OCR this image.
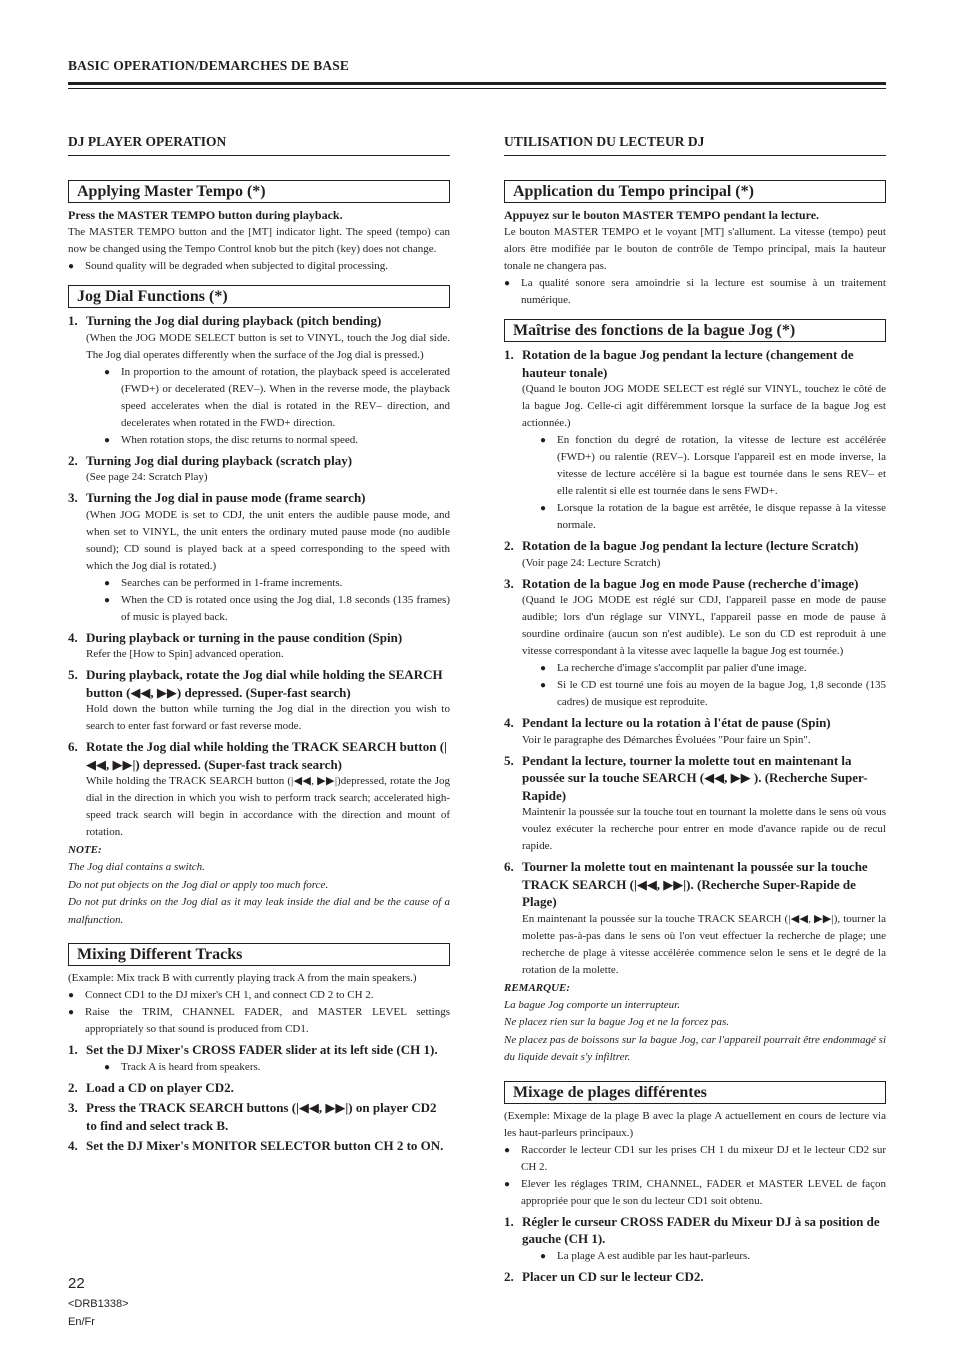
BASIC OPERATION/DEMARCHES DE BASE
DJ PLAYER OPERATION
Applying Master Tempo (*)

Press the MASTER TEMPO button during playback.

The MASTER TEMPO button and the [MT] indicator light. The speed (tempo) can now be changed using the Tempo Control knob but the pitch (key) does not change.

● Sound quality will be degraded when subjected to digital processing.
Jog Dial Functions (*)
1. Turning the Jog dial during playback (pitch bending)
(When the JOG MODE SELECT button is set to VINYL, touch the Jog dial side. The Jog dial operates differently when the surface of the Jog dial is pressed.)
● In proportion to the amount of rotation, the playback speed is accelerated (FWD+) or decelerated (REV–). When in the reverse mode, the playback speed accelerates when the dial is rotated in the REV– direction, and decelerates when rotated in the FWD+ direction.
● When rotation stops, the disc returns to normal speed.
2. Turning Jog dial during playback (scratch play)
(See page 24: Scratch Play)
3. Turning the Jog dial in pause mode (frame search)
(When JOG MODE is set to CDJ, the unit enters the audible pause mode, and when set to VINYL, the unit enters the ordinary muted pause mode (no audible sound); CD sound is played back at a speed corresponding to the speed with which the Jog dial is rotated.)
● Searches can be performed in 1-frame increments.
● When the CD is rotated once using the Jog dial, 1.8 seconds (135 frames) of music is played back.
4. During playback or turning in the pause condition (Spin)
Refer the [How to Spin] advanced operation.
5. During playback, rotate the Jog dial while holding the SEARCH button (◀◀, ▶▶) depressed. (Super-fast search)
Hold down the button while turning the Jog dial in the direction you wish to search to enter fast forward or fast reverse mode.
6. Rotate the Jog dial while holding the TRACK SEARCH button (|◀◀, ▶▶|) depressed. (Super-fast track search)
While holding the TRACK SEARCH button (|◀◀, ▶▶|)depressed, rotate the Jog dial in the direction in which you wish to perform track search; accelerated high-speed track search will begin in accordance with the direction and mount of rotation.
NOTE:
The Jog dial contains a switch.
Do not put objects on the Jog dial or apply too much force.
Do not put drinks on the Jog dial as it may leak inside the dial and be the cause of a malfunction.
Mixing Different Tracks

(Example: Mix track B with currently playing track A from the main speakers.)

● Connect CD1 to the DJ mixer's CH 1, and connect CD 2 to CH 2.
● Raise the TRIM, CHANNEL FADER, and MASTER LEVEL settings appropriately so that sound is produced from CD1.
1. Set the DJ Mixer's CROSS FADER slider at its left side (CH 1).
● Track A is heard from speakers.
2. Load a CD on player CD2.
3. Press the TRACK SEARCH buttons (|◀◀, ▶▶|) on player CD2 to find and select track B.
4. Set the DJ Mixer's MONITOR SELECTOR button CH 2 to ON.
UTILISATION DU LECTEUR DJ
Application du Tempo principal (*)

Appuyez sur le bouton MASTER TEMPO pendant la lecture.

Le bouton MASTER TEMPO et le voyant [MT] s'allument. La vitesse (tempo) peut alors être modifiée par le bouton de contrôle de Tempo principal, mais la hauteur tonale ne changera pas.

● La qualité sonore sera amoindrie si la lecture est soumise à un traitement numérique.
Maîtrise des fonctions de la bague Jog (*)
1. Rotation de la bague Jog pendant la lecture (changement de hauteur tonale)
(Quand le bouton JOG MODE SELECT est réglé sur VINYL, touchez le côté de la bague Jog. Celle-ci agit différemment lorsque la surface de la bague Jog est actionnée.)
● En fonction du degré de rotation, la vitesse de lecture est accélérée (FWD+) ou ralentie (REV–). Lorsque l'appareil est en mode inverse, la vitesse de lecture accélère si la bague est tournée dans le sens REV– et elle ralentit si elle est tournée dans le sens FWD+.
● Lorsque la rotation de la bague est arrêtée, le disque repasse à la vitesse normale.
2. Rotation de la bague Jog pendant la lecture (lecture Scratch)
(Voir page 24: Lecture Scratch)
3. Rotation de la bague Jog en mode Pause (recherche d'image)
(Quand le JOG MODE est réglé sur CDJ, l'appareil passe en mode de pause audible; lors d'un réglage sur VINYL, l'appareil passe en mode de pause à sourdine ordinaire (aucun son n'est audible). Le son du CD est reproduit à une vitesse correspondant à la vitesse avec laquelle la bague Jog est tournée.)
● La recherche d'image s'accomplit par palier d'une image.
● Si le CD est tourné une fois au moyen de la bague Jog, 1,8 seconde (135 cadres) de musique est reproduite.
4. Pendant la lecture ou la rotation à l'état de pause (Spin)
Voir le paragraphe des Démarches Évoluées "Pour faire un Spin".
5. Pendant la lecture, tourner la molette tout en maintenant la poussée sur la touche SEARCH (◀◀, ▶▶ ). (Recherche Super-Rapide)
Maintenir la poussée sur la touche tout en tournant la molette dans le sens où vous voulez exécuter la recherche pour entrer en mode d'avance rapide ou de recul rapide.
6. Tourner la molette tout en maintenant la poussée sur la touche TRACK SEARCH (|◀◀, ▶▶|). (Recherche Super-Rapide de Plage)
En maintenant la poussée sur la touche TRACK SEARCH (|◀◀, ▶▶|), tourner la molette pas-à-pas dans le sens où l'on veut effectuer la recherche de plage; une recherche de plage à vitesse accélérée commence selon le sens et le degré de la rotation de la molette.
REMARQUE:
La bague Jog comporte un interrupteur.
Ne placez rien sur la bague Jog et ne la forcez pas.
Ne placez pas de boissons sur la bague Jog, car l'appareil pourrait être endommagé si du liquide devait s'y infiltrer.
Mixage de plages différentes

(Exemple: Mixage de la plage B avec la plage A actuellement en cours de lecture via les haut-parleurs principaux.)

● Raccorder le lecteur CD1 sur les prises CH 1 du mixeur DJ et le lecteur CD2 sur CH 2.
● Elever les réglages TRIM, CHANNEL, FADER et MASTER LEVEL de façon appropriée pour que le son du lecteur CD1 soit obtenu.
1. Régler le curseur CROSS FADER du Mixeur DJ à sa position de gauche (CH 1).
● La plage A est audible par les haut-parleurs.
2. Placer un CD sur le lecteur CD2.
22
<DRB1338>
En/Fr
